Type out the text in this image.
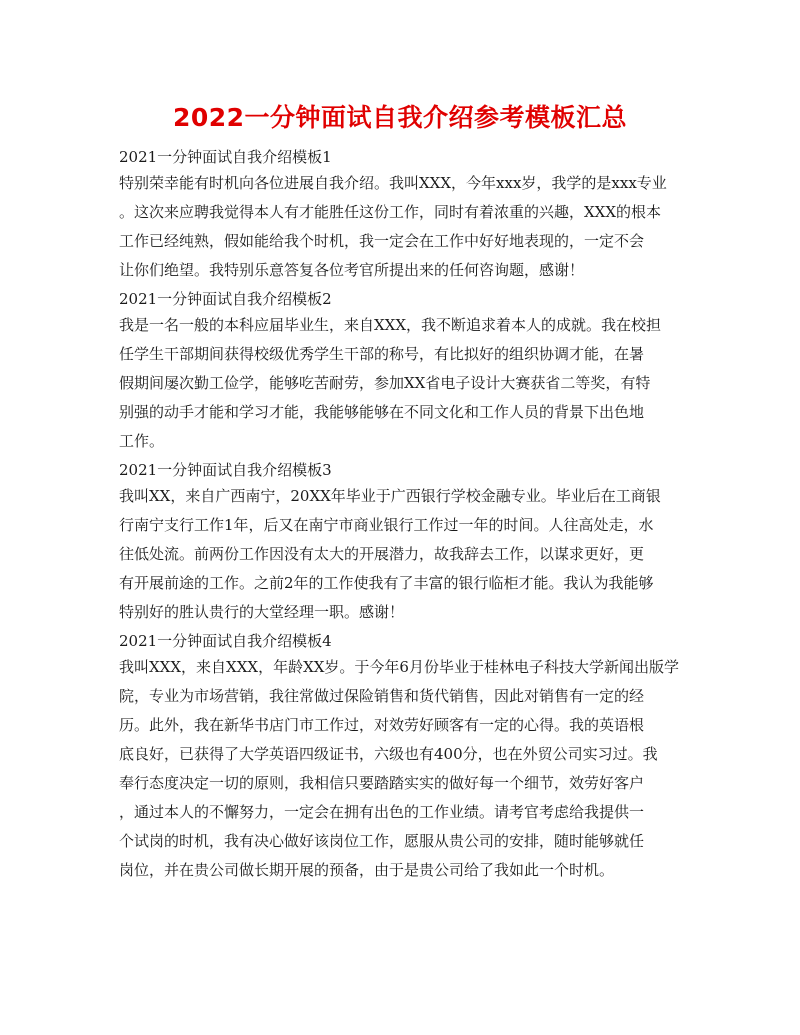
2022一分钟面试自我介绍参考模板汇总
2021一分钟面试自我介绍模板1

特别荣幸能有时机向各位进展自我介绍。我叫XXX，今年xxx岁，我学的是xxx专业
。这次来应聘我觉得本人有才能胜任这份工作，同时有着浓重的兴趣，XXX的根本
工作已经纯熟，假如能给我个时机，我一定会在工作中好好地表现的，一定不会
让你们绝望。我特别乐意答复各位考官所提出来的任何咨询题，感谢！

2021一分钟面试自我介绍模板2

我是一名一般的本科应届毕业生，来自XXX，我不断追求着本人的成就。我在校担
任学生干部期间获得校级优秀学生干部的称号，有比拟好的组织协调才能，在暑
假期间屡次勤工俭学，能够吃苦耐劳，参加XX省电子设计大赛获省二等奖，有特
别强的动手才能和学习才能，我能够能够在不同文化和工作人员的背景下出色地
工作。

2021一分钟面试自我介绍模板3

我叫XX，来自广西南宁，20XX年毕业于广西银行学校金融专业。毕业后在工商银
行南宁支行工作1年，后又在南宁市商业银行工作过一年的时间。人往高处走，水
往低处流。前两份工作因没有太大的开展潜力，故我辞去工作，以谋求更好，更
有开展前途的工作。之前2年的工作使我有了丰富的银行临柜才能。我认为我能够
特别好的胜认贵行的大堂经理一职。感谢！

2021一分钟面试自我介绍模板4

我叫XXX，来自XXX，年龄XX岁。于今年6月份毕业于桂林电子科技大学新闻出版学
院，专业为市场营销，我往常做过保险销售和货代销售，因此对销售有一定的经
历。此外，我在新华书店门市工作过，对效劳好顾客有一定的心得。我的英语根
底良好，已获得了大学英语四级证书，六级也有400分，也在外贸公司实习过。我
奉行态度决定一切的原则，我相信只要踏踏实实的做好每一个细节，效劳好客户
，通过本人的不懈努力，一定会在拥有出色的工作业绩。请考官考虑给我提供一
个试岗的时机，我有决心做好该岗位工作，愿服从贵公司的安排，随时能够就任
岗位，并在贵公司做长期开展的预备，由于是贵公司给了我如此一个时机。
